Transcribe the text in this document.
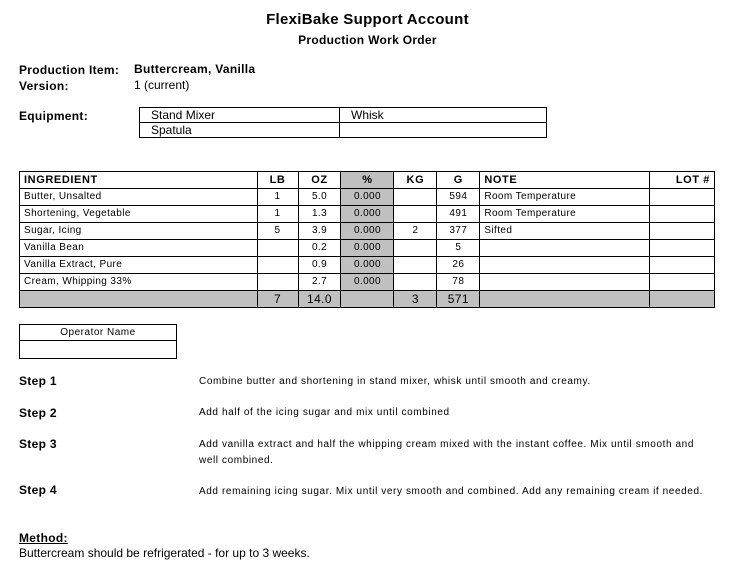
FlexiBake Support Account
Production Work Order
Production Item: Buttercream, Vanilla
Version:	1 (current)
Equipment:	Stand Mixer	Whisk
Spatula	
INGREDIENT	LB	OZ	%	KG	G	NOTE	LOT #
Butter, Unsalted	1	5.0	0.000		594	Room Temperature	
Shortening, Vegetable	1	1.3	0.000		491	Room Temperature	
Sugar, Icing	5	3.9	0.000	2	377	Sifted	
Vanilla Bean		0.2	0.000		5		
Vanilla Extract, Pure		0.9	0.000		26		
Cream, Whipping 33%		2.7	0.000		78		
	7	14.0		3	571		
Operator Name
Step 1	Combine butter and shortening in stand mixer, whisk until smooth and creamy.
Step 2	Add half of the icing sugar and mix until combined
Step 3	Add vanilla extract and half the whipping cream mixed with the instant coffee. Mix until smooth and well combined.
Step 4	Add remaining icing sugar. Mix until very smooth and combined. Add any remaining cream if needed.
Method:
Buttercream should be refrigerated - for up to 3 weeks.
